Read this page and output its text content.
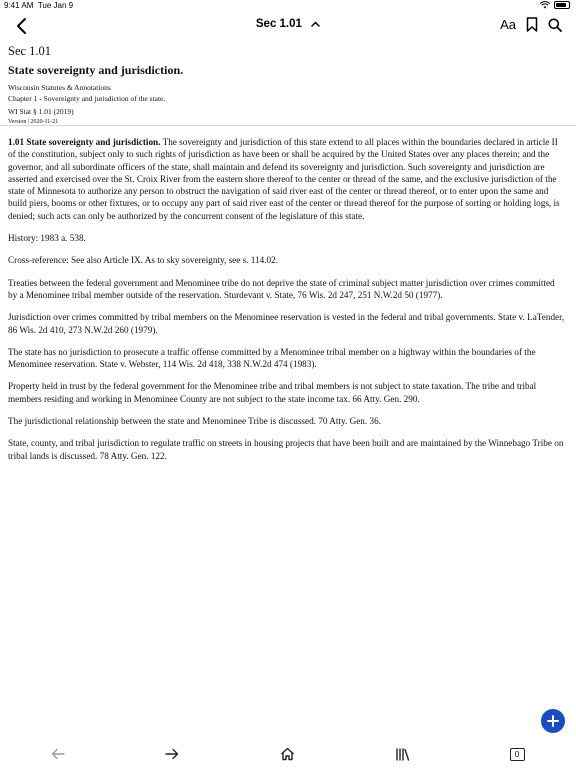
9:41 AM Tue Jan 9
Sec 1.01	Aa
Sec 1.01
State sovereignty and jurisdiction.
Wisconsin Statutes & Annotations
Chapter 1 - Sovereignty and jurisdiction of the state.
WI Stat § 1.01 (2019)
Version | 2020-11-21

1.01 State sovereignty and jurisdiction. The sovereignty and jurisdiction of this state extend to all places within the boundaries declared in article II of the constitution, subject only to such rights of jurisdiction as have been or shall be acquired by the United States over any places therein; and the governor, and all subordinate officers of the state, shall maintain and defend its sovereignty and jurisdiction. Such sovereignty and jurisdiction are asserted and exercised over the St. Croix River from the eastern shore thereof to the center or thread of the same, and the exclusive jurisdiction of the state of Minnesota to authorize any person to obstruct the navigation of said river east of the center or thread thereof, or to enter upon the same and build piers, booms or other fixtures, or to occupy any part of said river east of the center or thread thereof for the purpose of sorting or holding logs, is denied; such acts can only be authorized by the concurrent consent of the legislature of this state.

History: 1983 a. 538.

Cross-reference: See also Article IX. As to sky sovereignty, see s. 114.02.

Treaties between the federal government and Menominee tribe do not deprive the state of criminal subject matter jurisdiction over crimes committed by a Menominee tribal member outside of the reservation. Sturdevant v. State, 76 Wis. 2d 247, 251 N.W.2d 50 (1977).

Jurisdiction over crimes committed by tribal members on the Menominee reservation is vested in the federal and tribal governments. State v. LaTender, 86 Wis. 2d 410, 273 N.W.2d 260 (1979).

The state has no jurisdiction to prosecute a traffic offense committed by a Menominee tribal member on a highway within the boundaries of the Menominee reservation. State v. Webster, 114 Wis. 2d 418, 338 N.W.2d 474 (1983).

Property held in trust by the federal government for the Menominee tribe and tribal members is not subject to state taxation. The tribe and tribal members residing and working in Menominee County are not subject to the state income tax. 66 Atty. Gen. 290.

The jurisdictional relationship between the state and Menominee Tribe is discussed. 70 Atty. Gen. 36.

State, county, and tribal jurisdiction to regulate traffic on streets in housing projects that have been built and are maintained by the Winnebago Tribe on tribal lands is discussed. 78 Atty. Gen. 122.

0
